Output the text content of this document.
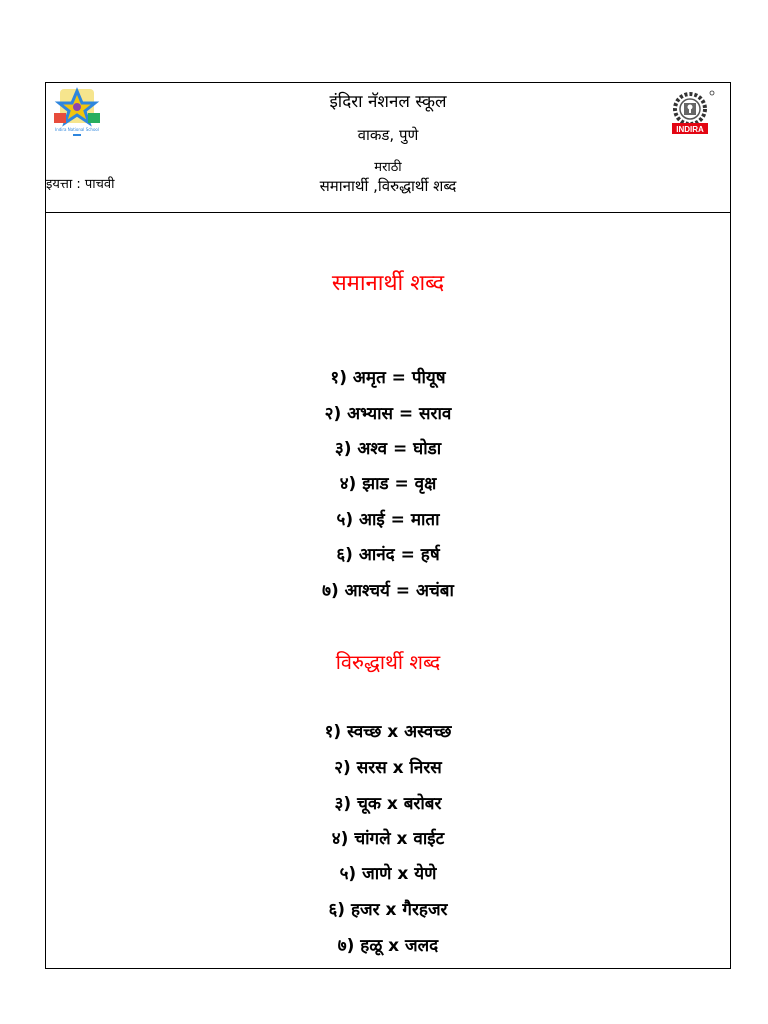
Indira National School	INDIRA
इंदिरा नॅशनल स्कूल
वाकड, पुणे
मराठी
समानार्थी ,विरुद्धार्थी शब्द
इयत्ता : पाचवी
समानार्थी शब्द
१) अमृत = पीयूष
२) अभ्यास = सराव
३) अश्व = घोडा
४) झाड = वृक्ष
५) आई = माता
६) आनंद = हर्ष
७) आश्चर्य = अचंबा
विरुद्धार्थी शब्द
१) स्वच्छ x अस्वच्छ
२) सरस x निरस
३) चूक x बरोबर
४) चांगले x वाईट
५) जाणे x येणे
६) हजर x गैरहजर
७) हळू x जलद
